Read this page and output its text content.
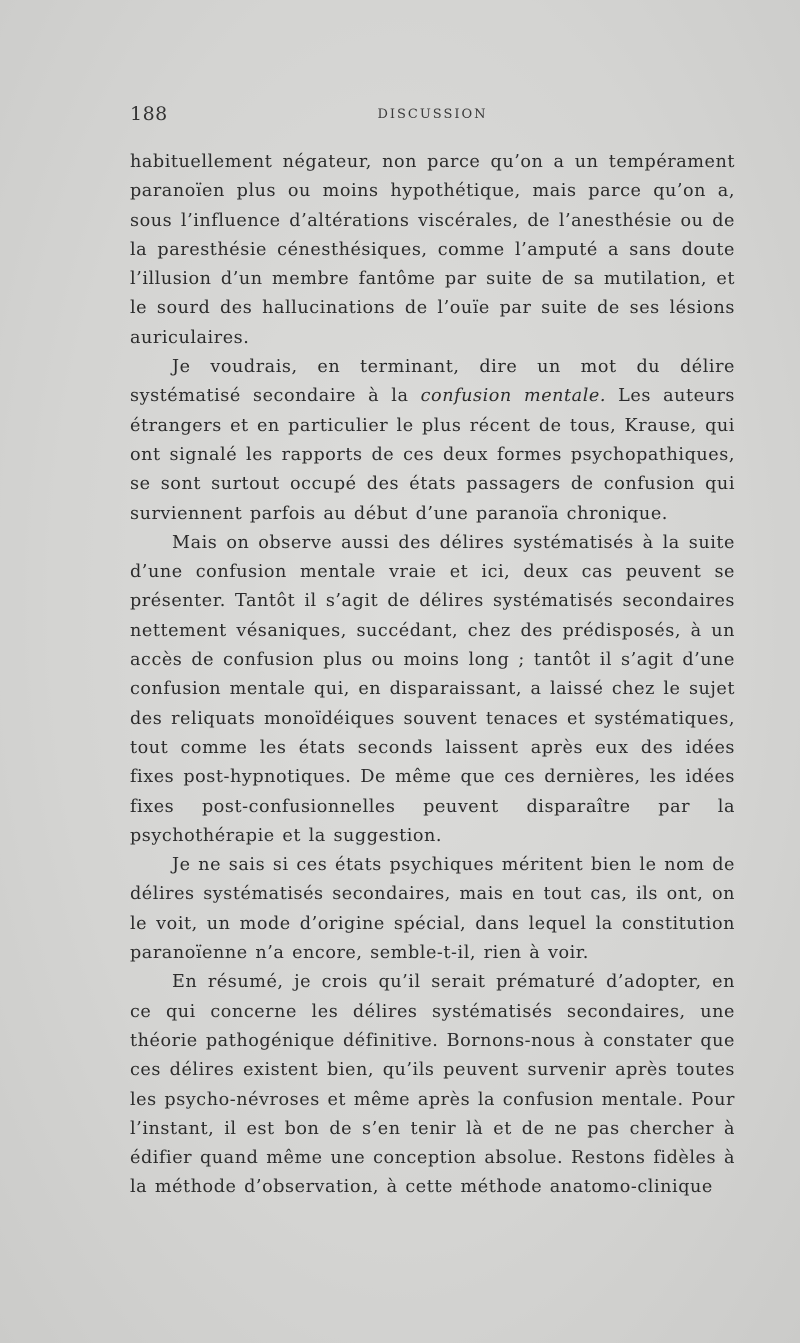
188	DISCUSSION

habituellement négateur, non parce qu’on a un tempérament paranoïen plus ou moins hypothétique, mais parce qu’on a, sous l’influence d’altérations viscérales, de l’anesthésie ou de la paresthésie cénesthésiques, comme l’amputé a sans doute l’illusion d’un membre fantôme par suite de sa mutilation, et le sourd des hallucinations de l’ouïe par suite de ses lésions auriculaires.

Je voudrais, en terminant, dire un mot du délire systématisé secondaire à la confusion mentale. Les auteurs étrangers et en particulier le plus récent de tous, Krause, qui ont signalé les rapports de ces deux formes psychopathiques, se sont surtout occupé des états passagers de confusion qui surviennent parfois au début d’une paranoïa chronique.

Mais on observe aussi des délires systématisés à la suite d’une confusion mentale vraie et ici, deux cas peuvent se présenter. Tantôt il s’agit de délires systématisés secondaires nettement vésaniques, succédant, chez des prédisposés, à un accès de confusion plus ou moins long ; tantôt il s’agit d’une confusion mentale qui, en disparaissant, a laissé chez le sujet des reliquats monoïdéiques souvent tenaces et systématiques, tout comme les états seconds laissent après eux des idées fixes post-hypnotiques. De même que ces dernières, les idées fixes post-confusionnelles peuvent disparaître par la psychothérapie et la suggestion.

Je ne sais si ces états psychiques méritent bien le nom de délires systématisés secondaires, mais en tout cas, ils ont, on le voit, un mode d’origine spécial, dans lequel la constitution paranoïenne n’a encore, semble-t-il, rien à voir.

En résumé, je crois qu’il serait prématuré d’adopter, en ce qui concerne les délires systématisés secondaires, une théorie pathogénique définitive. Bornons-nous à constater que ces délires existent bien, qu’ils peuvent survenir après toutes les psycho-névroses et même après la confusion mentale. Pour l’instant, il est bon de s’en tenir là et de ne pas chercher à édifier quand même une conception absolue. Restons fidèles à la méthode d’observation, à cette méthode anatomo-clinique
